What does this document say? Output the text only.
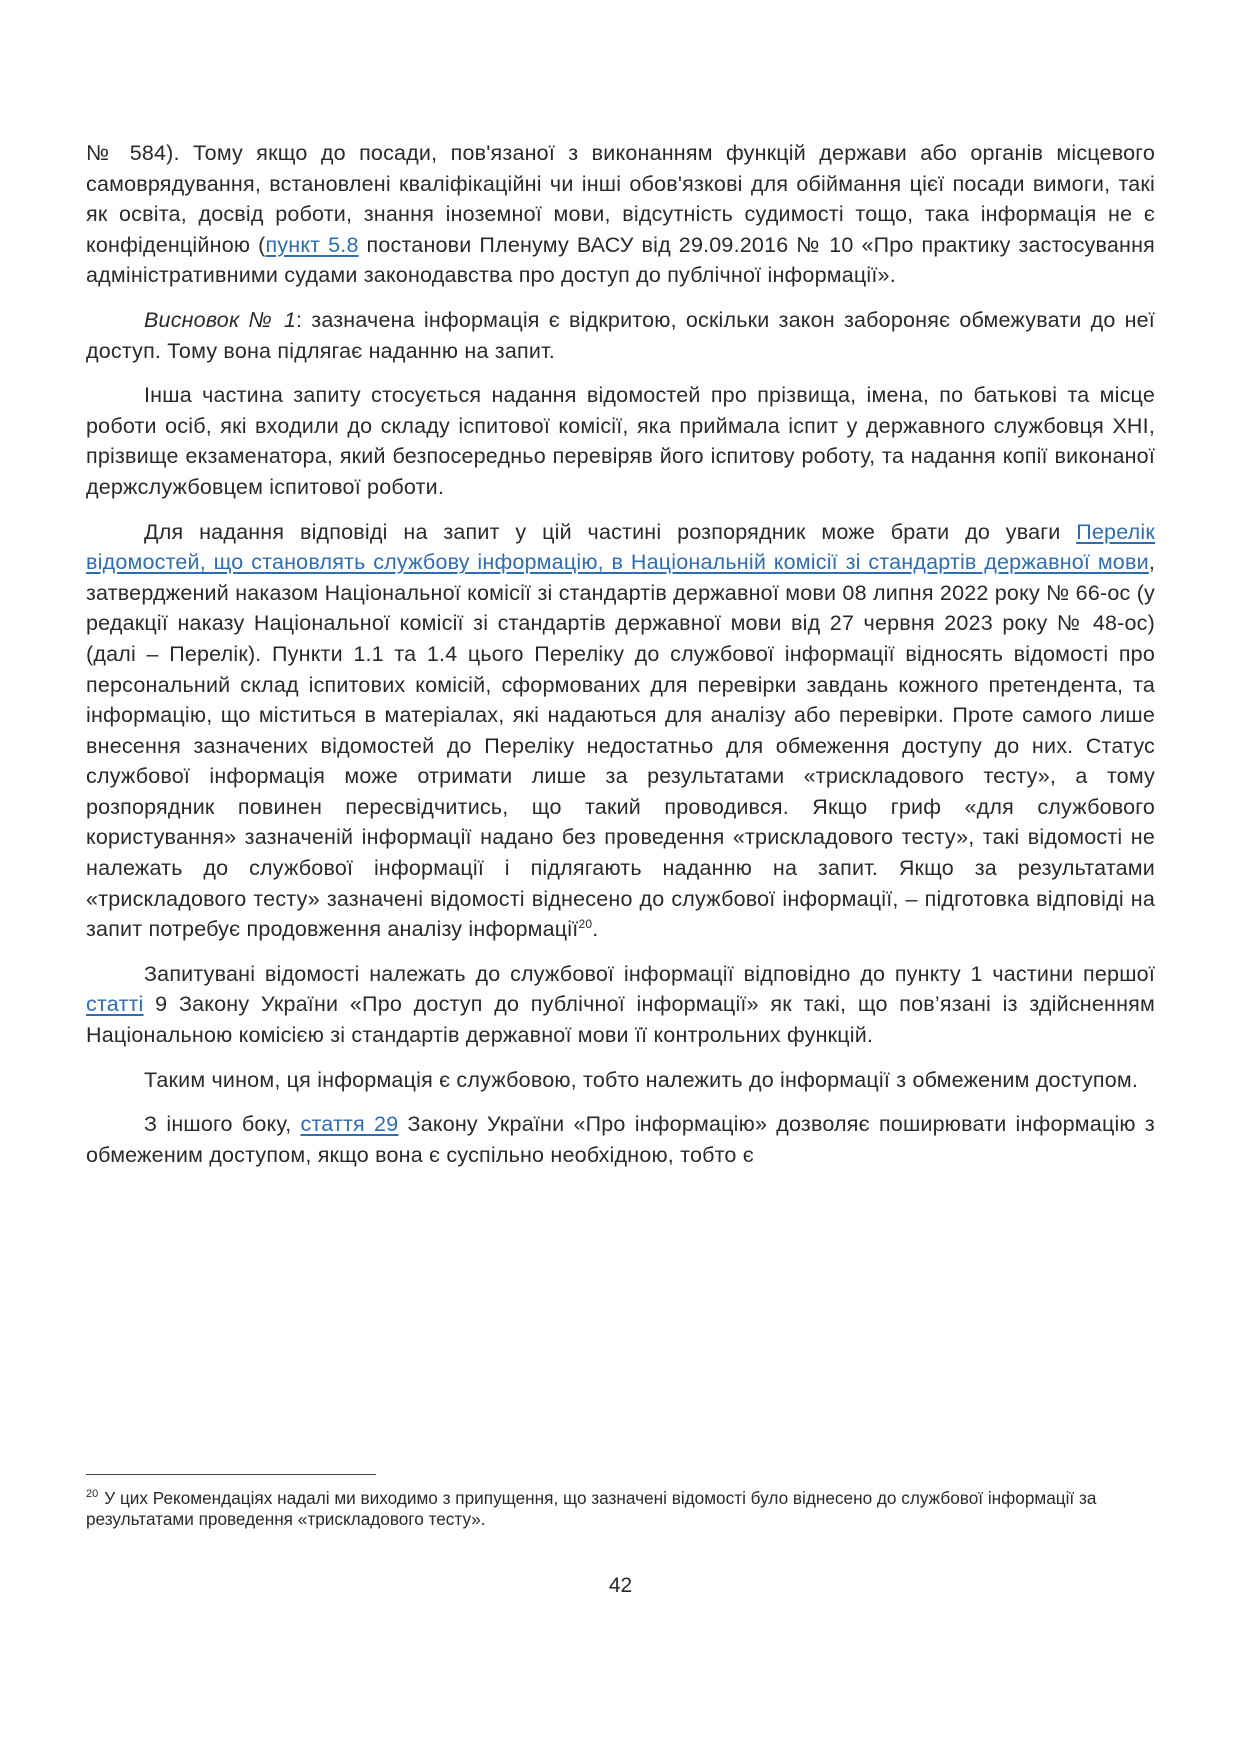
№ 584). Тому якщо до посади, пов'язаної з виконанням функцій держави або органів місцевого самоврядування, встановлені кваліфікаційні чи інші обов'язкові для обіймання цієї посади вимоги, такі як освіта, досвід роботи, знання іноземної мови, відсутність судимості тощо, така інформація не є конфіденційною (пункт 5.8 постанови Пленуму ВАСУ від 29.09.2016 № 10 «Про практику застосування адміністративними судами законодавства про доступ до публічної інформації».

Висновок № 1: зазначена інформація є відкритою, оскільки закон забороняє обмежувати до неї доступ. Тому вона підлягає наданню на запит.

Інша частина запиту стосується надання відомостей про прізвища, імена, по батькові та місце роботи осіб, які входили до складу іспитової комісії, яка приймала іспит у державного службовця ХНІ, прізвище екзаменатора, який безпосередньо перевіряв його іспитову роботу, та надання копії виконаної держслужбовцем іспитової роботи.

Для надання відповіді на запит у цій частині розпорядник може брати до уваги Перелік відомостей, що становлять службову інформацію, в Національній комісії зі стандартів державної мови, затверджений наказом Національної комісії зі стандартів державної мови 08 липня 2022 року № 66-ос (у редакції наказу Національної комісії зі стандартів державної мови від 27 червня 2023 року № 48-ос) (далі – Перелік). Пункти 1.1 та 1.4 цього Переліку до службової інформації відносять відомості про персональний склад іспитових комісій, сформованих для перевірки завдань кожного претендента, та інформацію, що міститься в матеріалах, які надаються для аналізу або перевірки. Проте самого лише внесення зазначених відомостей до Переліку недостатньо для обмеження доступу до них. Статус службової інформація може отримати лише за результатами «трискладового тесту», а тому розпорядник повинен пересвідчитись, що такий проводився. Якщо гриф «для службового користування» зазначеній інформації надано без проведення «трискладового тесту», такі відомості не належать до службової інформації і підлягають наданню на запит. Якщо за результатами «трискладового тесту» зазначені відомості віднесено до службової інформації, – підготовка відповіді на запит потребує продовження аналізу інформації$^{20}$.

Запитувані відомості належать до службової інформації відповідно до пункту 1 частини першої статті 9 Закону України «Про доступ до публічної інформації» як такі, що пов’язані із здійсненням Національною комісією зі стандартів державної мови її контрольних функцій.

Таким чином, ця інформація є службовою, тобто належить до інформації з обмеженим доступом.

З іншого боку, стаття 29 Закону України «Про інформацію» дозволяє поширювати інформацію з обмеженим доступом, якщо вона є суспільно необхідною, тобто є

$^{20}$ У цих Рекомендаціях надалі ми виходимо з припущення, що зазначені відомості було віднесено до службової інформації за результатами проведення «трискладового тесту».
42
